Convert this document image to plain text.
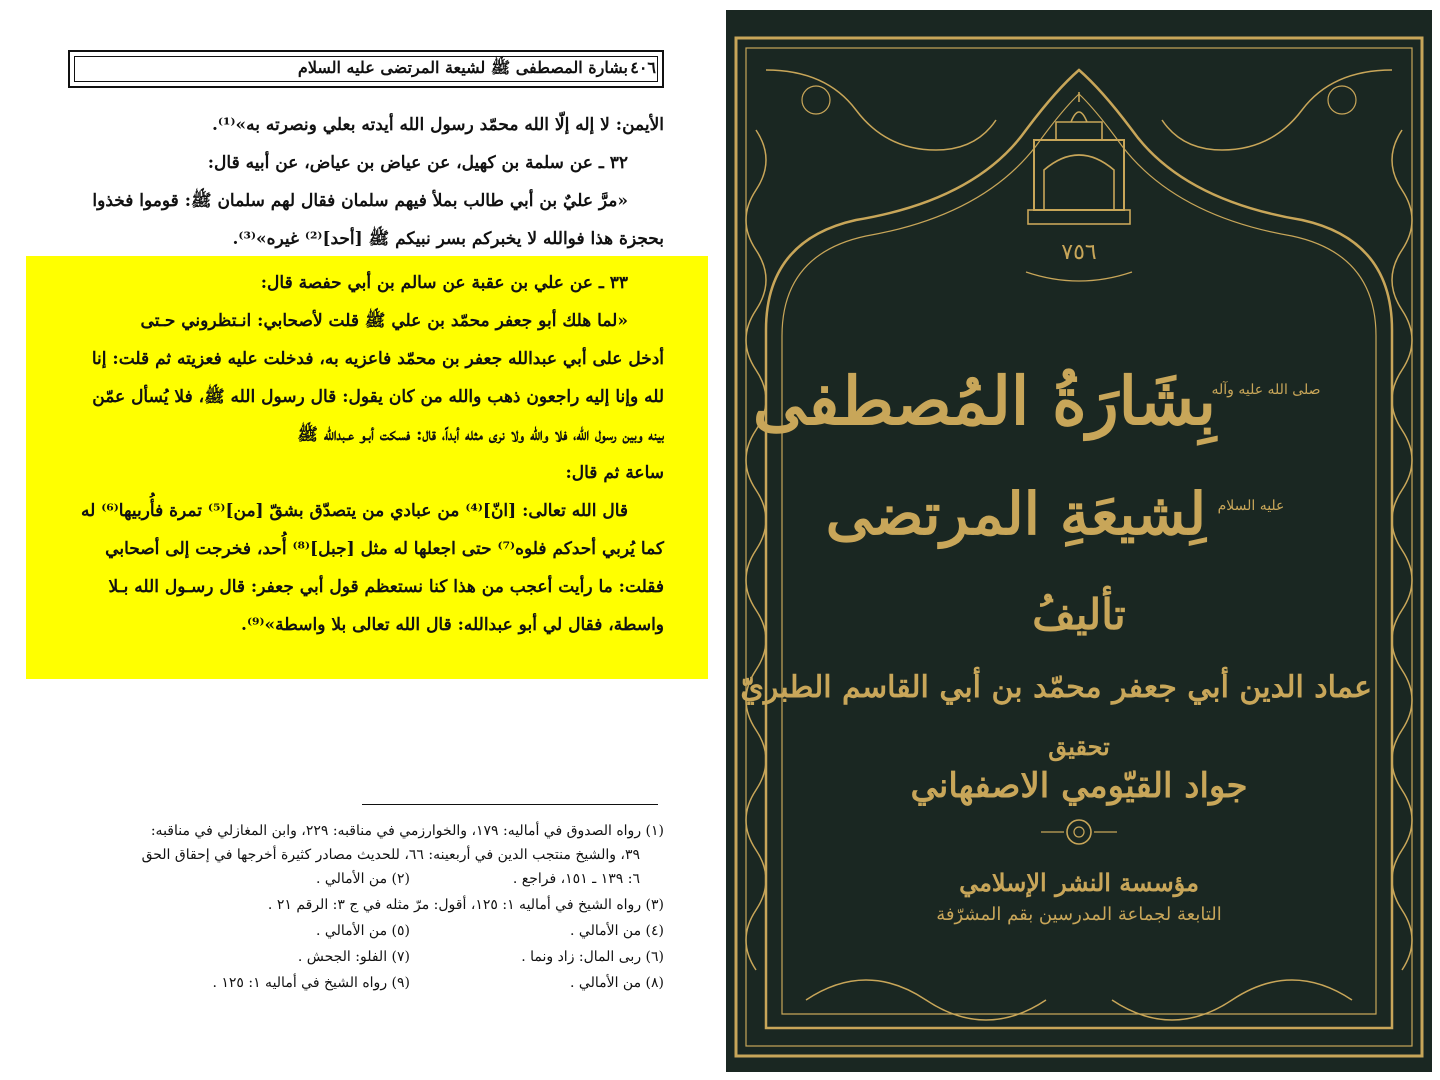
بشارة المصطفى ﷺ لشيعة المرتضى عليه السلام ٤٠٦
الأيمن: لا إله إلّا الله محمّد رسول الله أيدته بعلي ونصرته به»⁽¹⁾.
٣٢ ـ عن سلمة بن كهيل، عن عياض بن عياض، عن أبيه قال:
«مرَّ عليٌ بن أبي طالب بملأ فيهم سلمان فقال لهم سلمان ﷺ: قوموا فخذوا
بحجزة هذا فوالله لا يخبركم بسر نبيكم ﷺ [أحد]⁽²⁾ غيره»⁽³⁾.
٣٣ ـ عن علي بن عقبة عن سالم بن أبي حفصة قال:
«لما هلك أبو جعفر محمّد بن علي ﷺ قلت لأصحابي: انـتظروني حـتى
أدخل على أبي عبدالله جعفر بن محمّد فاعزيه به، فدخلت عليه فعزيته ثم قلت: إنا
لله وإنا إليه راجعون ذهب والله من كان يقول: قال رسول الله ﷺ، فلا يُسأل عمّن
بينه وبين رسول الله، فلا والله ولا نرى مثله أبداً، قال: فسكت أبـو عـبدالله ﷺ
ساعة ثم قال:
قال الله تعالى: [انّ]⁽⁴⁾ من عبادي من يتصدّق بشقّ [من]⁽⁵⁾ تمرة فأُربيها⁽⁶⁾ له
كما يُربي أحدكم فلوه⁽⁷⁾ حتى اجعلها له مثل [جبل]⁽⁸⁾ أُحد، فخرجت إلى أصحابي
فقلت: ما رأيت أعجب من هذا كنا نستعظم قول أبي جعفر: قال رسـول الله بـلا
واسطة، فقال لي أبو عبدالله: قال الله تعالى بلا واسطة»⁽⁹⁾.
(١) رواه الصدوق في أماليه: ١٧٩، والخوارزمي في مناقبه: ٢٢٩، وابن المغازلي في مناقبه:
٣٩، والشيخ منتجب الدين في أربعينه: ٦٦، للحديث مصادر كثيرة أخرجها في إحقاق الحق
٦: ١٣٩ ـ ١٥١، فراجع .
(٢) من الأمالي .
(٣) رواه الشيخ في أماليه ١: ١٢٥، أقول: مرّ مثله في ج ٣: الرقم ٢١ .
(٤) من الأمالي .
(٥) من الأمالي .
(٦) ربى المال: زاد ونما .
(٧) الفلو: الجحش .
(٨) من الأمالي .
(٩) رواه الشيخ في أماليه ١: ١٢٥ .
٧٥٦
بِشَارَةُ المُصطفى
صلى الله عليه وآله
لِشيعَةِ المرتضى عليه السلام
تأليفُ
عماد الدين أبي جعفر محمّد بن أبي القاسم الطبريّ
تحقيق
جواد القيّومي الاصفهاني
مؤسسة النشر الإسلامي
التابعة لجماعة المدرسين بقم المشرّفة
